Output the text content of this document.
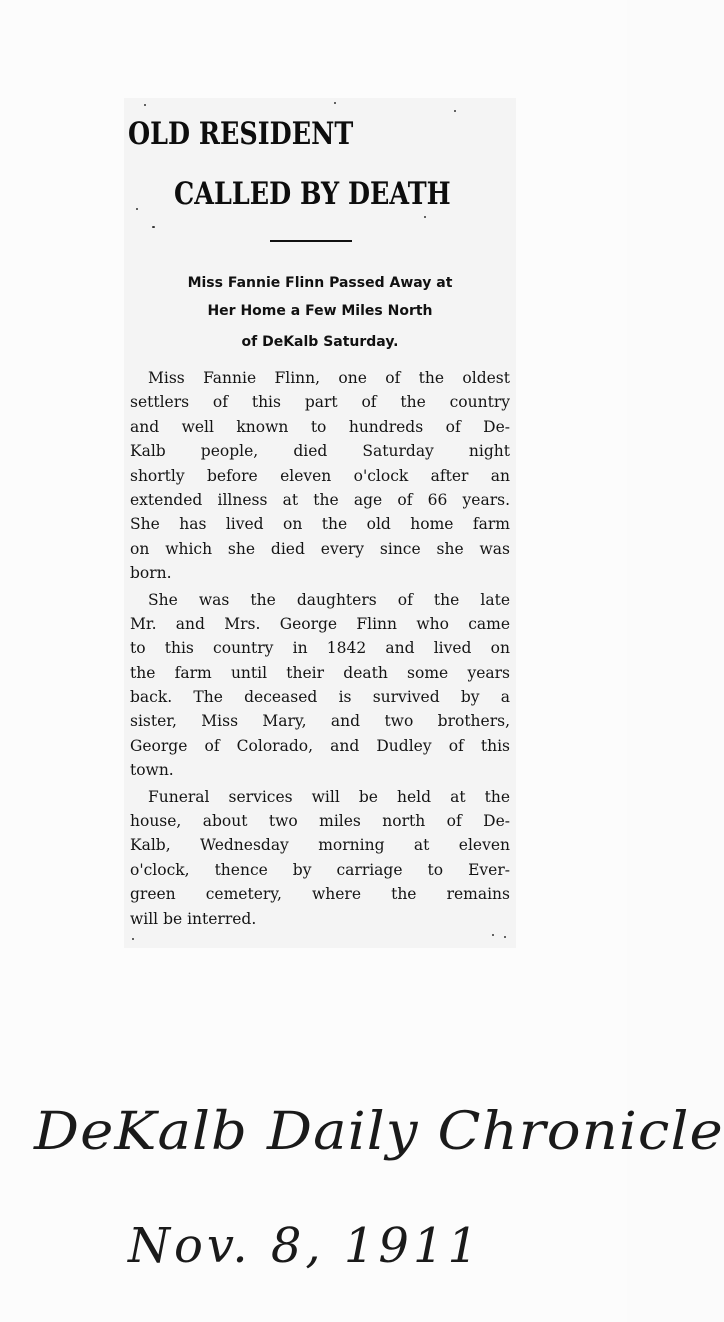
OLD RESIDENT
CALLED BY DEATH
Miss Fannie Flinn Passed Away at
Her Home a Few Miles North
of DeKalb Saturday.
Miss Fannie Flinn, one of the oldest
settlers of this part of the country
and well known to hundreds of De-
Kalb people, died Saturday night
shortly before eleven o'clock after an
extended illness at the age of 66 years.
She has lived on the old home farm
on which she died every since she was
born.
She was the daughters of the late
Mr. and Mrs. George Flinn who came
to this country in 1842 and lived on
the farm until their death some years
back. The deceased is survived by a
sister, Miss Mary, and two brothers,
George of Colorado, and Dudley of this
town.
Funeral services will be held at the
house, about two miles north of De-
Kalb, Wednesday morning at eleven
o'clock, thence by carriage to Ever-
green cemetery, where the remains
will be interred.
DeKalb Daily Chronicle
Nov. 8, 1911
